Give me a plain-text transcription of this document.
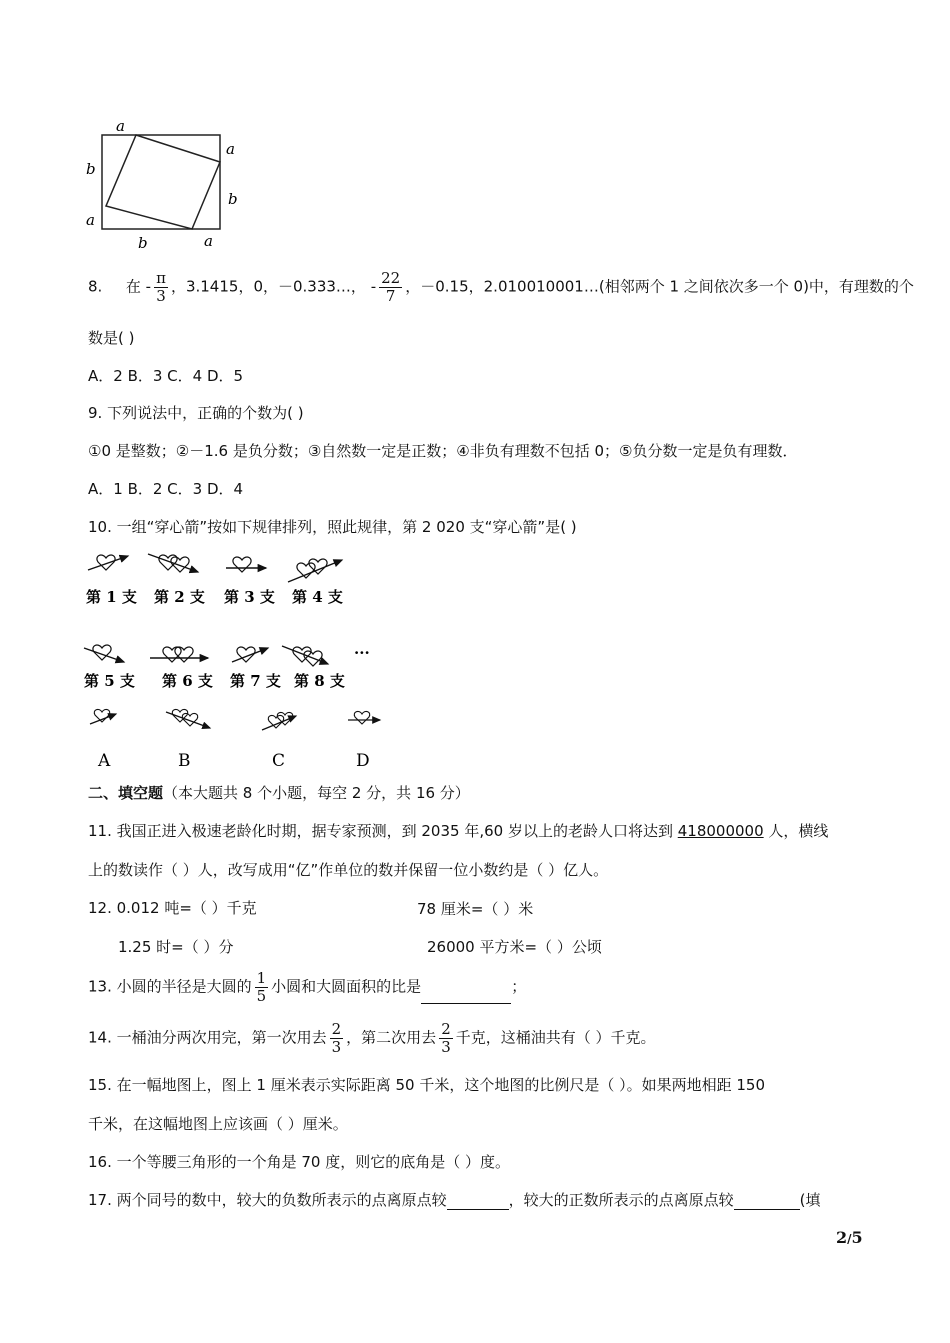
a
a
b
a
a
b
b
8. 在 - $\frac{\pi}{3}$ ，3.1415，0，－0.333…， - $\frac{22}{7}$ ，－0.15，2.010010001…(相邻两个 1 之间依次多一个 0)中，有理数的个
数是( )
A．2 B．3 C．4 D．5
9. 下列说法中，正确的个数为( )
①0 是整数；②－1.6 是负分数；③自然数一定是正数；④非负有理数不包括 0；⑤负分数一定是负有理数．
A．1 B．2 C．3 D．4
10. 一组“穿心箭”按如下规律排列，照此规律，第 2 020 支“穿心箭”是( )
第 1 支 第 2 支 第 3 支 第 4 支
···
第 5 支 第 6 支 第 7 支 第 8 支
A	B	C	D
二、填空题（本大题共 8 个小题，每空 2 分，共 16 分）
11. 我国正进入极速老龄化时期，据专家预测，到 2035 年,60 岁以上的老龄人口将达到 418000000 人，横线
上的数读作（ ）人，改写成用“亿”作单位的数并保留一位小数约是（ ）亿人。
12. 0.012 吨=（ ）千克	78 厘米=（ ）米
1.25 时=（ ）分	26000 平方米=（ ）公顷
13. 小圆的半径是大圆的 $\frac{1}{5}$ 小圆和大圆面积的比是	；
14. 一桶油分两次用完，第一次用去 $\frac{2}{3}$ ，第二次用去 $\frac{2}{3}$ 千克，这桶油共有（ ）千克。
15. 在一幅地图上，图上 1 厘米表示实际距离 50 千米，这个地图的比例尺是（ ）。如果两地相距 150
千米，在这幅地图上应该画（ ）厘米。
16. 一个等腰三角形的一个角是 70 度，则它的底角是（ ）度。
17. 两个同号的数中，较大的负数所表示的点离原点较	，较大的正数所表示的点离原点较	(填
2/5
